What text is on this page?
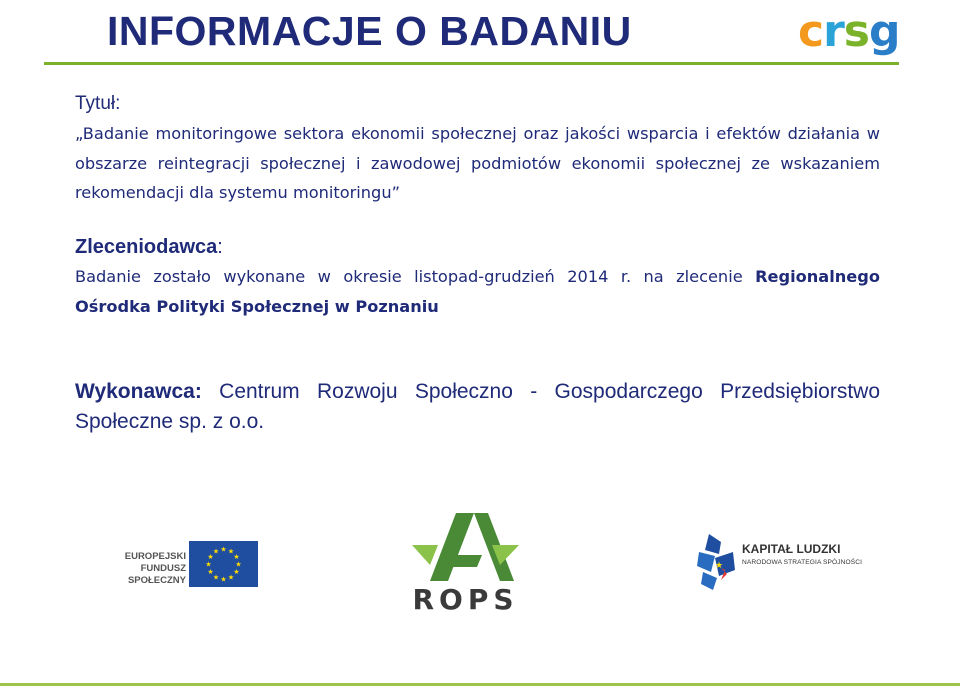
INFORMACJE O BADANIU	crsg
Tytuł:
„Badanie monitoringowe sektora ekonomii społecznej oraz jakości wsparcia i efektów działania w obszarze reintegracji społecznej i zawodowej podmiotów ekonomii społecznej ze wskazaniem rekomendacji dla systemu monitoringu”
Zleceniodawca:
Badanie zostało wykonane w okresie listopad-grudzień 2014 r. na zlecenie Regionalnego Ośrodka Polityki Społecznej w Poznaniu
Wykonawca: Centrum Rozwoju Społeczno - Gospodarczego Przedsiębiorstwo Społeczne sp. z o.o.
EUROPEJSKI
FUNDUSZ SPOŁECZNY
★ ★
★
★
★
★
★
★
★
★
★
★
ROPS
★
KAPITAŁ LUDZKI
NARODOWA STRATEGIA SPÓJNOŚCI
